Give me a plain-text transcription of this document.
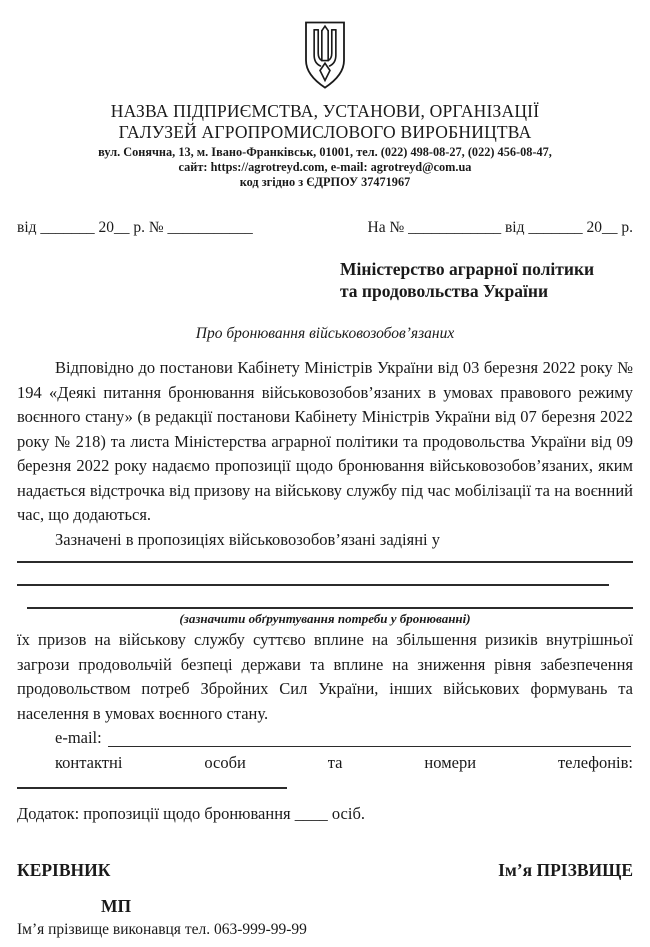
НАЗВА ПІДПРИЄМСТВА, УСТАНОВИ, ОРГАНІЗАЦІЇ
ГАЛУЗЕЙ АГРОПРОМИСЛОВОГО ВИРОБНИЦТВА
вул. Сонячна, 13, м. Івано-Франківськ, 01001, тел. (022) 498-08-27, (022) 456-08-47,
сайт: https://agrotreyd.com, e-mail: agrotreyd@com.ua
код згідно з ЄДРПОУ 37471967
від _______ 20__ р. № ___________	На № ____________ від _______ 20__ р.
Міністерство аграрної політики
та продовольства України
Про бронювання військовозобов’язаних
Відповідно до постанови Кабінету Міністрів України від 03 березня 2022 року № 194 «Деякі питання бронювання військовозобов’язаних в умовах правового режиму воєнного стану» (в редакції постанови Кабінету Міністрів України від 07 березня 2022 року № 218) та листа Міністерства аграрної політики та продовольства України від 09 березня 2022 року надаємо пропозиції щодо бронювання військовозобов’язаних, яким надається відстрочка від призову на військову службу під час мобілізації та на воєнний час, що додаються.
Зазначені в пропозиціях військовозобов’язані задіяні у
(зазначити обґрунтування потреби у бронюванні)
їх призов на військову службу суттєво вплине на збільшення ризиків внутрішньої загрози продовольчій безпеці держави та вплине на зниження рівня забезпечення продовольством потреб Збройних Сил України, інших військових формувань та населення в умовах воєнного стану.
e-mail:
контактні особи та номери телефонів:
Додаток: пропозиції щодо бронювання ____ осіб.
КЕРІВНИК	Ім’я ПРІЗВИЩЕ
МП
Ім’я прізвище виконавця тел. 063-999-99-99
